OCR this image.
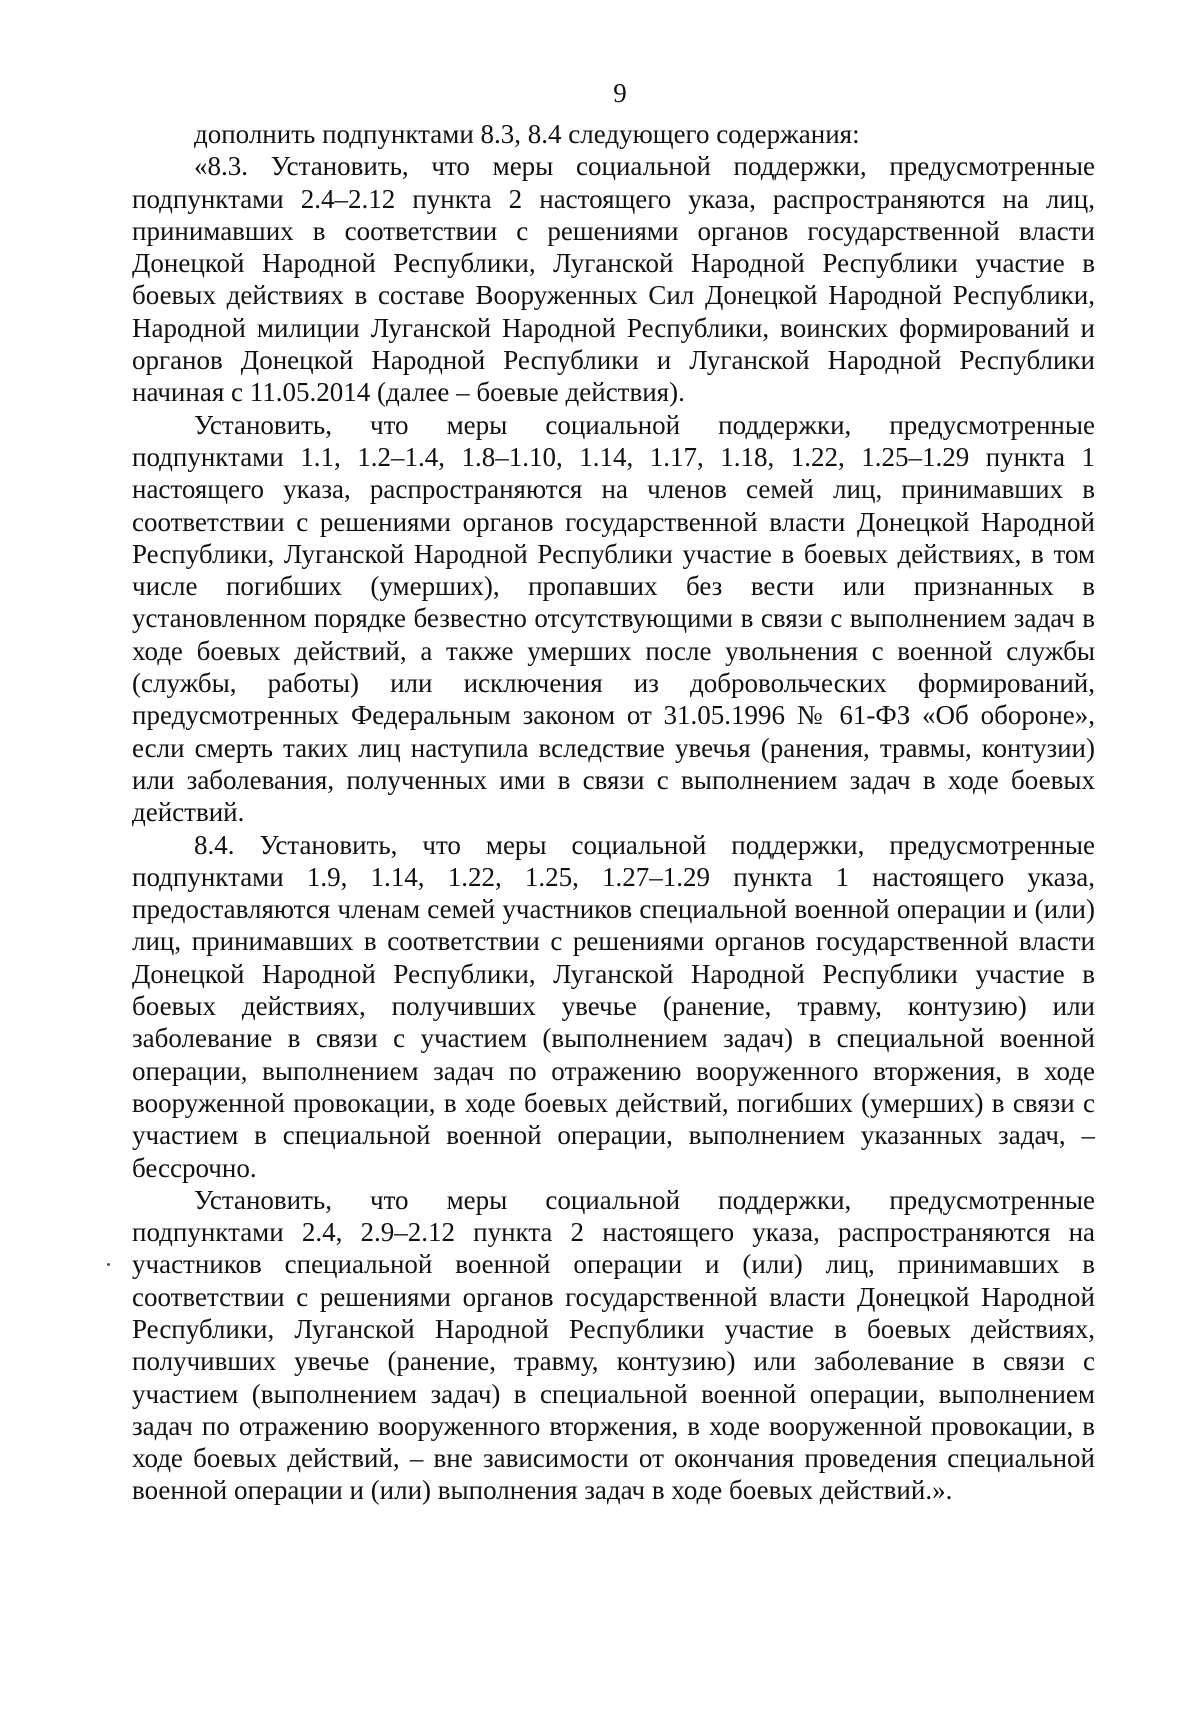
9

дополнить подпунктами 8.3, 8.4 следующего содержания:

«8.3. Установить, что меры социальной поддержки, предусмотренные подпунктами 2.4–2.12 пункта 2 настоящего указа, распространяются на лиц, принимавших в соответствии с решениями органов государственной власти Донецкой Народной Республики, Луганской Народной Республики участие в боевых действиях в составе Вооруженных Сил Донецкой Народной Республики, Народной милиции Луганской Народной Республики, воинских формирований и органов Донецкой Народной Республики и Луганской Народной Республики начиная с 11.05.2014 (далее – боевые действия).

Установить, что меры социальной поддержки, предусмотренные подпунктами 1.1, 1.2–1.4, 1.8–1.10, 1.14, 1.17, 1.18, 1.22, 1.25–1.29 пункта 1 настоящего указа, распространяются на членов семей лиц, принимавших в соответствии с решениями органов государственной власти Донецкой Народной Республики, Луганской Народной Республики участие в боевых действиях, в том числе погибших (умерших), пропавших без вести или признанных в установленном порядке безвестно отсутствующими в связи с выполнением задач в ходе боевых действий, а также умерших после увольнения с военной службы (службы, работы) или исключения из добровольческих формирований, предусмотренных Федеральным законом от 31.05.1996 № 61-ФЗ «Об обороне», если смерть таких лиц наступила вследствие увечья (ранения, травмы, контузии) или заболевания, полученных ими в связи с выполнением задач в ходе боевых действий.

8.4. Установить, что меры социальной поддержки, предусмотренные подпунктами 1.9, 1.14, 1.22, 1.25, 1.27–1.29 пункта 1 настоящего указа, предоставляются членам семей участников специальной военной операции и (или) лиц, принимавших в соответствии с решениями органов государственной власти Донецкой Народной Республики, Луганской Народной Республики участие в боевых действиях, получивших увечье (ранение, травму, контузию) или заболевание в связи с участием (выполнением задач) в специальной военной операции, выполнением задач по отражению вооруженного вторжения, в ходе вооруженной провокации, в ходе боевых действий, погибших (умерших) в связи с участием в специальной военной операции, выполнением указанных задач, – бессрочно.

Установить, что меры социальной поддержки, предусмотренные подпунктами 2.4, 2.9–2.12 пункта 2 настоящего указа, распространяются на участников специальной военной операции и (или) лиц, принимавших в соответствии с решениями органов государственной власти Донецкой Народной Республики, Луганской Народной Республики участие в боевых действиях, получивших увечье (ранение, травму, контузию) или заболевание в связи с участием (выполнением задач) в специальной военной операции, выполнением задач по отражению вооруженного вторжения, в ходе вооруженной провокации, в ходе боевых действий, – вне зависимости от окончания проведения специальной военной операции и (или) выполнения задач в ходе боевых действий.».
